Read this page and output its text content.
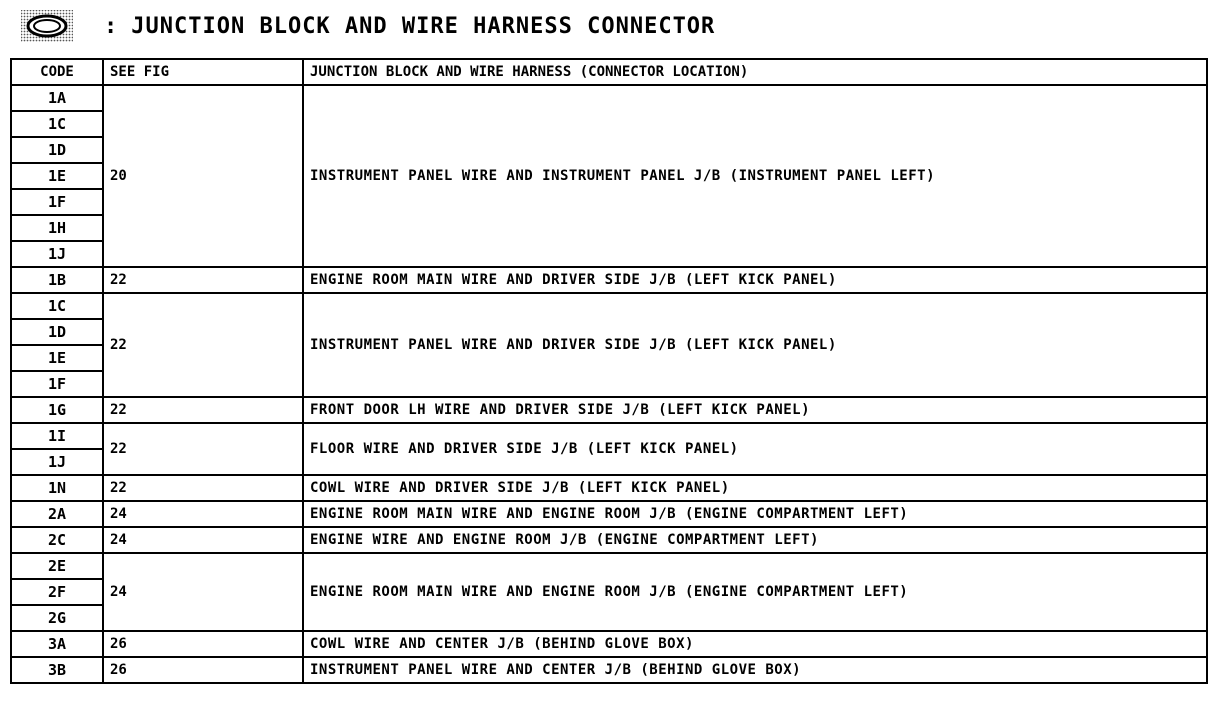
: JUNCTION BLOCK AND WIRE HARNESS CONNECTOR
CODE	SEE FIG	JUNCTION BLOCK AND WIRE HARNESS (CONNECTOR LOCATION)
1A	20	INSTRUMENT PANEL WIRE AND INSTRUMENT PANEL J/B (INSTRUMENT PANEL LEFT)
1C		
1D		
1E		
1F		
1H		
1J		
1B	22	ENGINE ROOM MAIN WIRE AND DRIVER SIDE J/B (LEFT KICK PANEL)
1C	22	INSTRUMENT PANEL WIRE AND DRIVER SIDE J/B (LEFT KICK PANEL)
1D		
1E		
1F		
1G	22	FRONT DOOR LH WIRE AND DRIVER SIDE J/B (LEFT KICK PANEL)
1I	22	FLOOR WIRE AND DRIVER SIDE J/B (LEFT KICK PANEL)
1J		
1N	22	COWL WIRE AND DRIVER SIDE J/B (LEFT KICK PANEL)
2A	24	ENGINE ROOM MAIN WIRE AND ENGINE ROOM J/B (ENGINE COMPARTMENT LEFT)
2C	24	ENGINE WIRE AND ENGINE ROOM J/B (ENGINE COMPARTMENT LEFT)
2E	24	ENGINE ROOM MAIN WIRE AND ENGINE ROOM J/B (ENGINE COMPARTMENT LEFT)
2F		
2G		
3A	26	COWL WIRE AND CENTER J/B (BEHIND GLOVE BOX)
3B	26	INSTRUMENT PANEL WIRE AND CENTER J/B (BEHIND GLOVE BOX)
